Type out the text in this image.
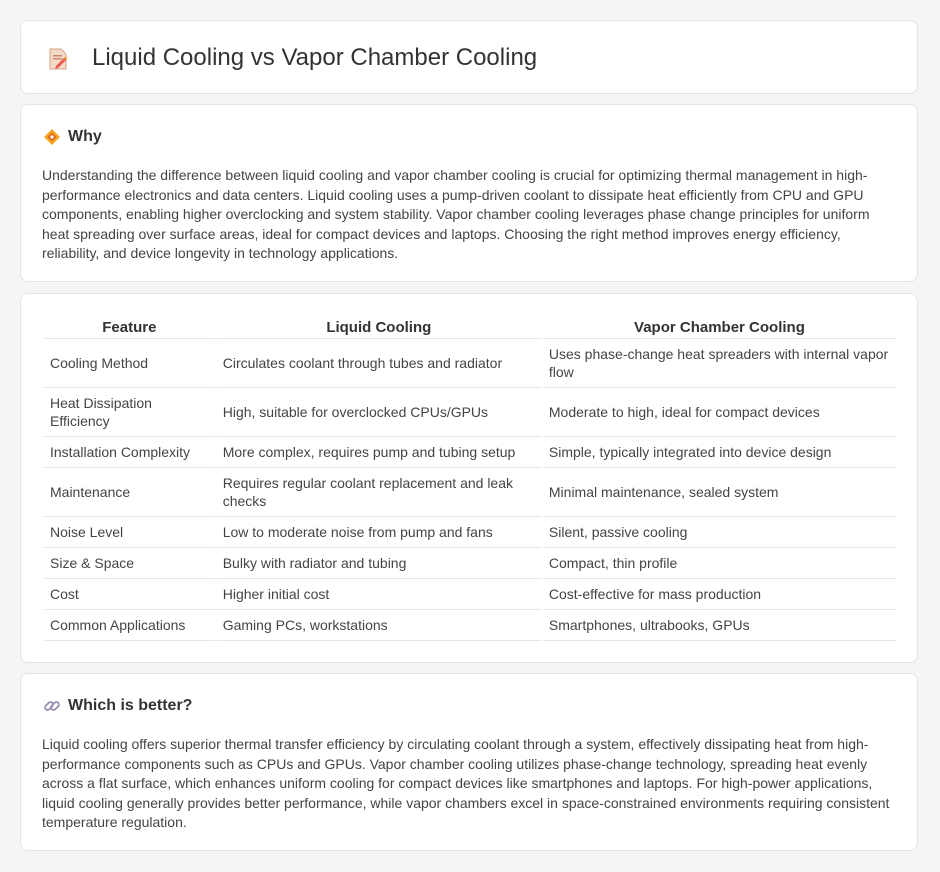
Liquid Cooling vs Vapor Chamber Cooling
Why

Understanding the difference between liquid cooling and vapor chamber cooling is crucial for optimizing thermal management in high-performance electronics and data centers. Liquid cooling uses a pump-driven coolant to dissipate heat efficiently from CPU and GPU components, enabling higher overclocking and system stability. Vapor chamber cooling leverages phase change principles for uniform heat spreading over surface areas, ideal for compact devices and laptops. Choosing the right method improves energy efficiency, reliability, and device longevity in technology applications.

Feature	Liquid Cooling	Vapor Chamber Cooling
Cooling Method	Circulates coolant through tubes and radiator	Uses phase-change heat spreaders with internal vapor flow
Heat Dissipation Efficiency	High, suitable for overclocked CPUs/GPUs	Moderate to high, ideal for compact devices
Installation Complexity	More complex, requires pump and tubing setup	Simple, typically integrated into device design
Maintenance	Requires regular coolant replacement and leak checks	Minimal maintenance, sealed system
Noise Level	Low to moderate noise from pump and fans	Silent, passive cooling
Size & Space	Bulky with radiator and tubing	Compact, thin profile
Cost	Higher initial cost	Cost-effective for mass production
Common Applications	Gaming PCs, workstations	Smartphones, ultrabooks, GPUs
Which is better?

Liquid cooling offers superior thermal transfer efficiency by circulating coolant through a system, effectively dissipating heat from high-performance components such as CPUs and GPUs. Vapor chamber cooling utilizes phase-change technology, spreading heat evenly across a flat surface, which enhances uniform cooling for compact devices like smartphones and laptops. For high-power applications, liquid cooling generally provides better performance, while vapor chambers excel in space-constrained environments requiring consistent temperature regulation.
